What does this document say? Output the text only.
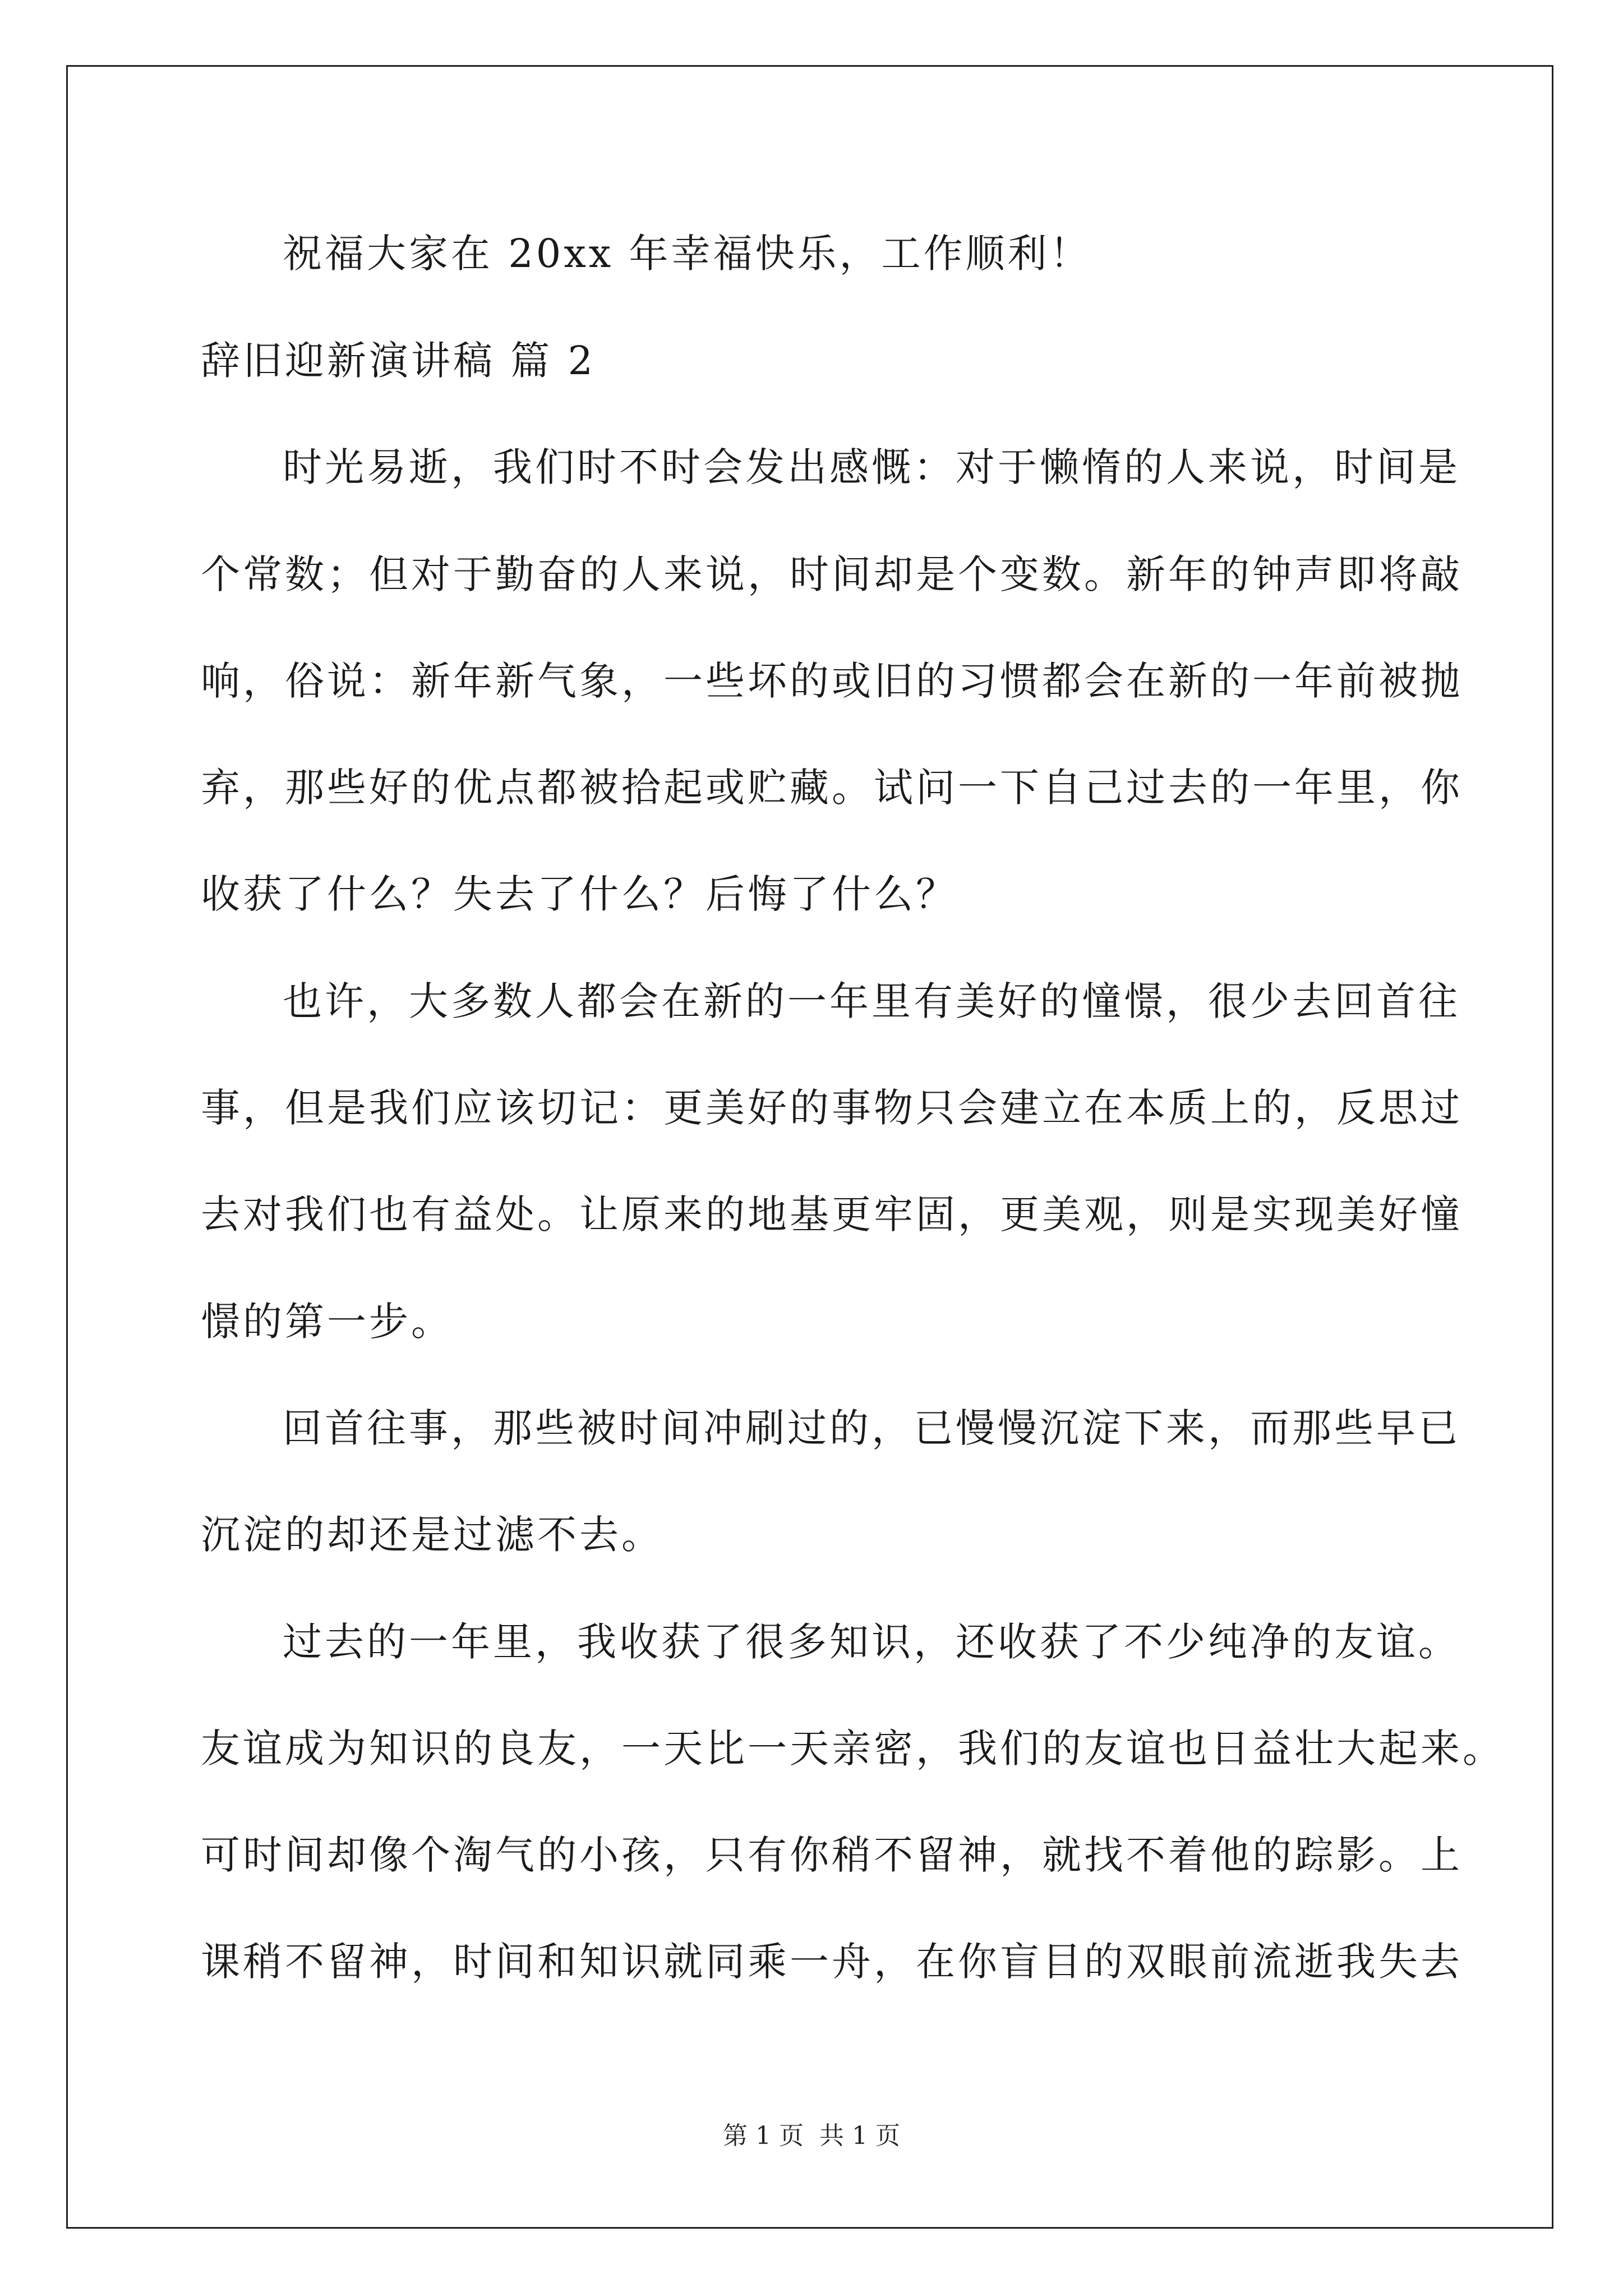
祝福大家在 20xx 年幸福快乐，工作顺利！
辞旧迎新演讲稿 篇 2
时光易逝，我们时不时会发出感慨：对于懒惰的人来说，时间是
个常数；但对于勤奋的人来说，时间却是个变数。新年的钟声即将敲
响，俗说：新年新气象，一些坏的或旧的习惯都会在新的一年前被抛
弃，那些好的优点都被拾起或贮藏。试问一下自己过去的一年里，你
收获了什么？失去了什么？后悔了什么？
也许，大多数人都会在新的一年里有美好的憧憬，很少去回首往
事，但是我们应该切记：更美好的事物只会建立在本质上的，反思过
去对我们也有益处。让原来的地基更牢固，更美观，则是实现美好憧
憬的第一步。
回首往事，那些被时间冲刷过的，已慢慢沉淀下来，而那些早已
沉淀的却还是过滤不去。
过去的一年里，我收获了很多知识，还收获了不少纯净的友谊。
友谊成为知识的良友，一天比一天亲密，我们的友谊也日益壮大起来。
可时间却像个淘气的小孩，只有你稍不留神，就找不着他的踪影。上
课稍不留神，时间和知识就同乘一舟，在你盲目的双眼前流逝我失去
第 1 页 共 1 页
